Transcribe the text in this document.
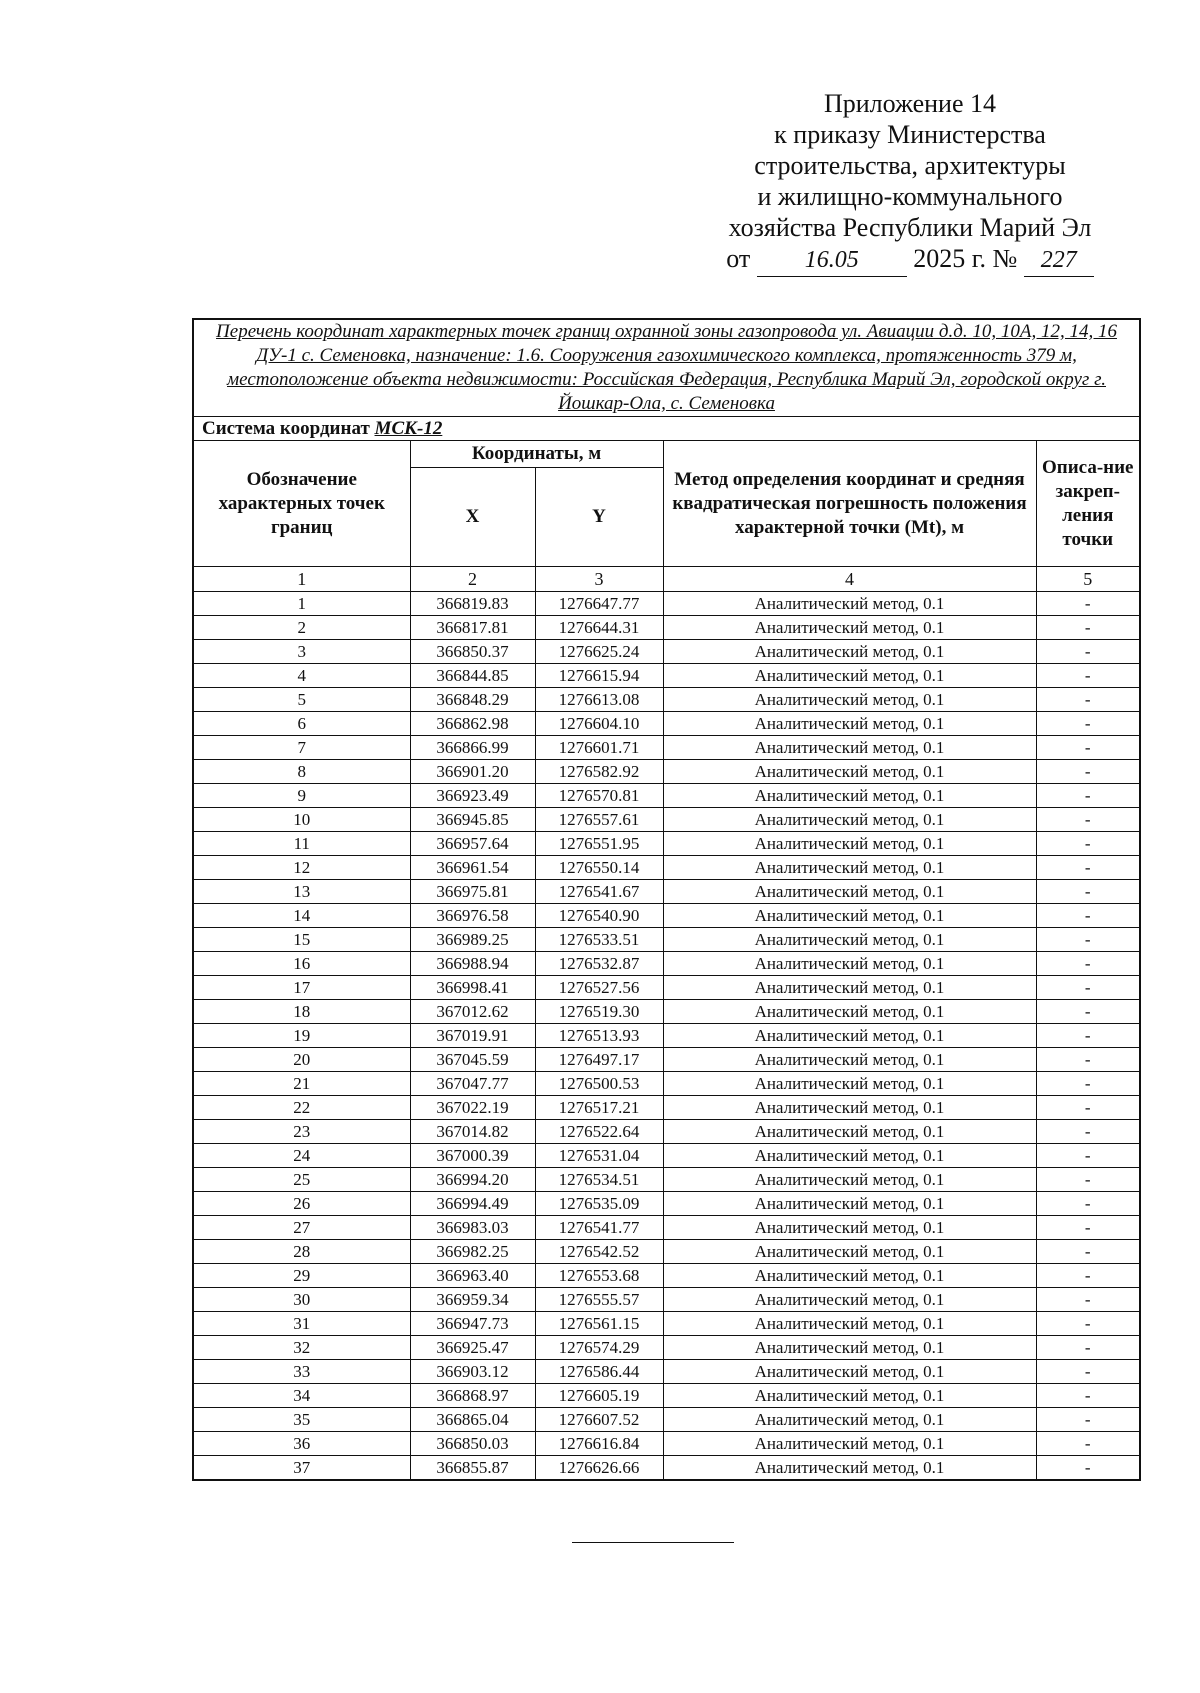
Приложение 14
к приказу Министерства
строительства, архитектуры
и жилищно-коммунального
хозяйства Республики Марий Эл
от 16.05 2025 г. № 227
Перечень координат характерных точек границ охранной зоны газопровода ул. Авиации д.д. 10, 10А, 12, 14, 16 ДУ-1 с. Семеновка, назначение: 1.6. Сооружения газохимического комплекса, протяженность 379 м, местоположение объекта недвижимости: Российская Федерация, Республика Марий Эл, городской округ г. Йошкар-Ола, с. Семеновка				
Система координат МСК-12				
Обозначение характерных точек границ	Координаты, м		Метод определения координат и средняя квадратическая погрешность положения характерной точки (Mt), м	Описа-ние закреп-ления точки
	X	Y		
1	2	3	4	5
1	366819.83	1276647.77	Аналитический метод, 0.1	-
2	366817.81	1276644.31	Аналитический метод, 0.1	-
3	366850.37	1276625.24	Аналитический метод, 0.1	-
4	366844.85	1276615.94	Аналитический метод, 0.1	-
5	366848.29	1276613.08	Аналитический метод, 0.1	-
6	366862.98	1276604.10	Аналитический метод, 0.1	-
7	366866.99	1276601.71	Аналитический метод, 0.1	-
8	366901.20	1276582.92	Аналитический метод, 0.1	-
9	366923.49	1276570.81	Аналитический метод, 0.1	-
10	366945.85	1276557.61	Аналитический метод, 0.1	-
11	366957.64	1276551.95	Аналитический метод, 0.1	-
12	366961.54	1276550.14	Аналитический метод, 0.1	-
13	366975.81	1276541.67	Аналитический метод, 0.1	-
14	366976.58	1276540.90	Аналитический метод, 0.1	-
15	366989.25	1276533.51	Аналитический метод, 0.1	-
16	366988.94	1276532.87	Аналитический метод, 0.1	-
17	366998.41	1276527.56	Аналитический метод, 0.1	-
18	367012.62	1276519.30	Аналитический метод, 0.1	-
19	367019.91	1276513.93	Аналитический метод, 0.1	-
20	367045.59	1276497.17	Аналитический метод, 0.1	-
21	367047.77	1276500.53	Аналитический метод, 0.1	-
22	367022.19	1276517.21	Аналитический метод, 0.1	-
23	367014.82	1276522.64	Аналитический метод, 0.1	-
24	367000.39	1276531.04	Аналитический метод, 0.1	-
25	366994.20	1276534.51	Аналитический метод, 0.1	-
26	366994.49	1276535.09	Аналитический метод, 0.1	-
27	366983.03	1276541.77	Аналитический метод, 0.1	-
28	366982.25	1276542.52	Аналитический метод, 0.1	-
29	366963.40	1276553.68	Аналитический метод, 0.1	-
30	366959.34	1276555.57	Аналитический метод, 0.1	-
31	366947.73	1276561.15	Аналитический метод, 0.1	-
32	366925.47	1276574.29	Аналитический метод, 0.1	-
33	366903.12	1276586.44	Аналитический метод, 0.1	-
34	366868.97	1276605.19	Аналитический метод, 0.1	-
35	366865.04	1276607.52	Аналитический метод, 0.1	-
36	366850.03	1276616.84	Аналитический метод, 0.1	-
37	366855.87	1276626.66	Аналитический метод, 0.1	-
